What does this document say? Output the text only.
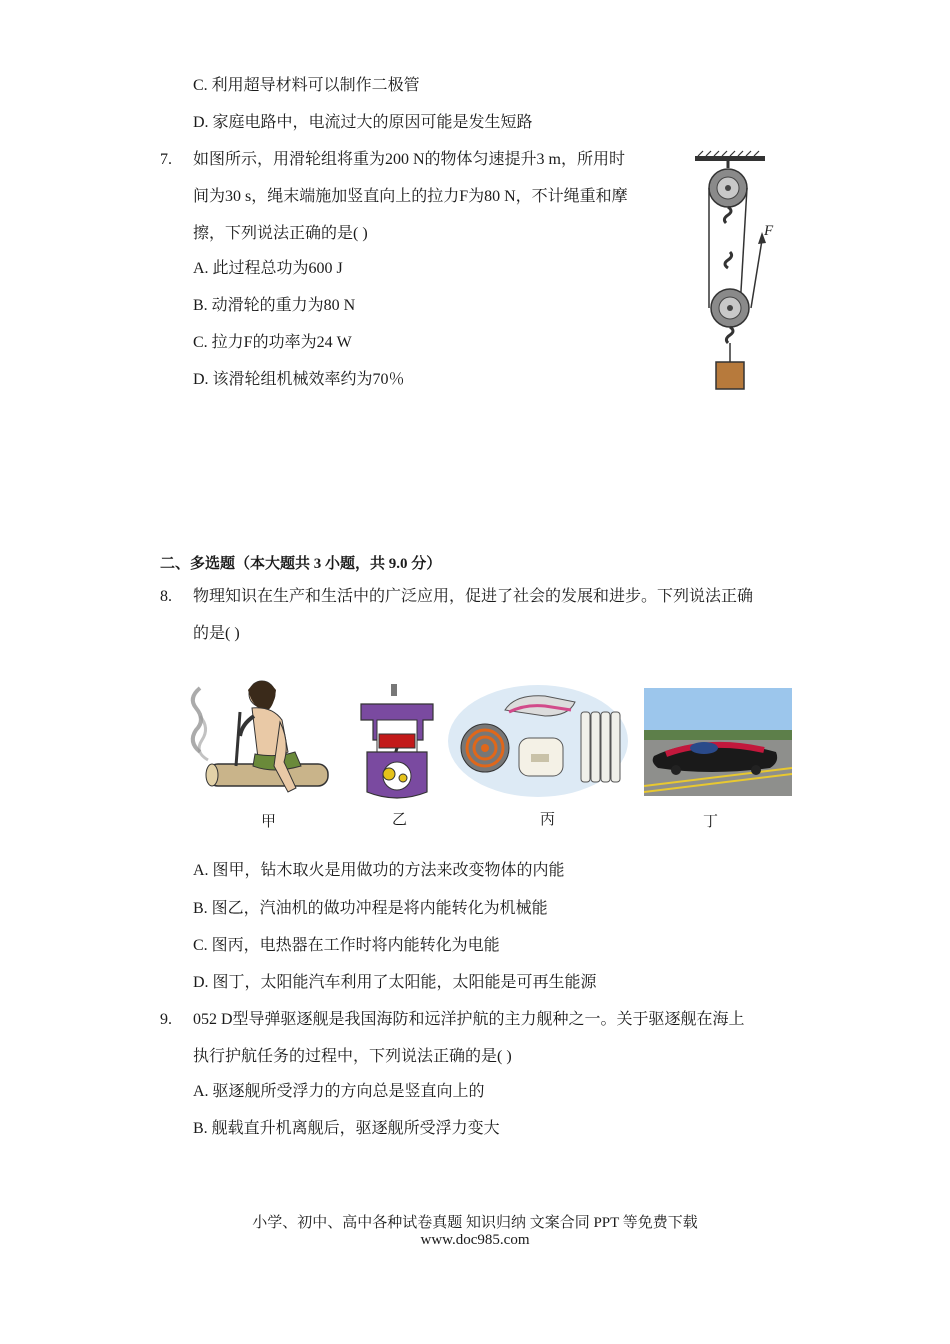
C. 利用超导材料可以制作二极管
D. 家庭电路中，电流过大的原因可能是发生短路
7. 如图所示，用滑轮组将重为200 N的物体匀速提升3 m，所用时
间为30 s，绳末端施加竖直向上的拉力F为80 N，不计绳重和摩
擦，下列说法正确的是( )
A. 此过程总功为600 J
B. 动滑轮的重力为80 N
C. 拉力F的功率为24 W
D. 该滑轮组机械效率约为70％
F
二、多选题（本大题共 3 小题，共 9.0 分）
8. 物理知识在生产和生活中的广泛应用，促进了社会的发展和进步。下列说法正确
的是( )
甲	乙	丙	丁
A. 图甲，钻木取火是用做功的方法来改变物体的内能
B. 图乙，汽油机的做功冲程是将内能转化为机械能
C. 图丙，电热器在工作时将内能转化为电能
D. 图丁，太阳能汽车利用了太阳能，太阳能是可再生能源
9. 052 D型导弹驱逐舰是我国海防和远洋护航的主力舰种之一。关于驱逐舰在海上
执行护航任务的过程中，下列说法正确的是( )
A. 驱逐舰所受浮力的方向总是竖直向上的
B. 舰载直升机离舰后，驱逐舰所受浮力变大
小学、初中、高中各种试卷真题 知识归纳 文案合同 PPT 等免费下载
www.doc985.com
